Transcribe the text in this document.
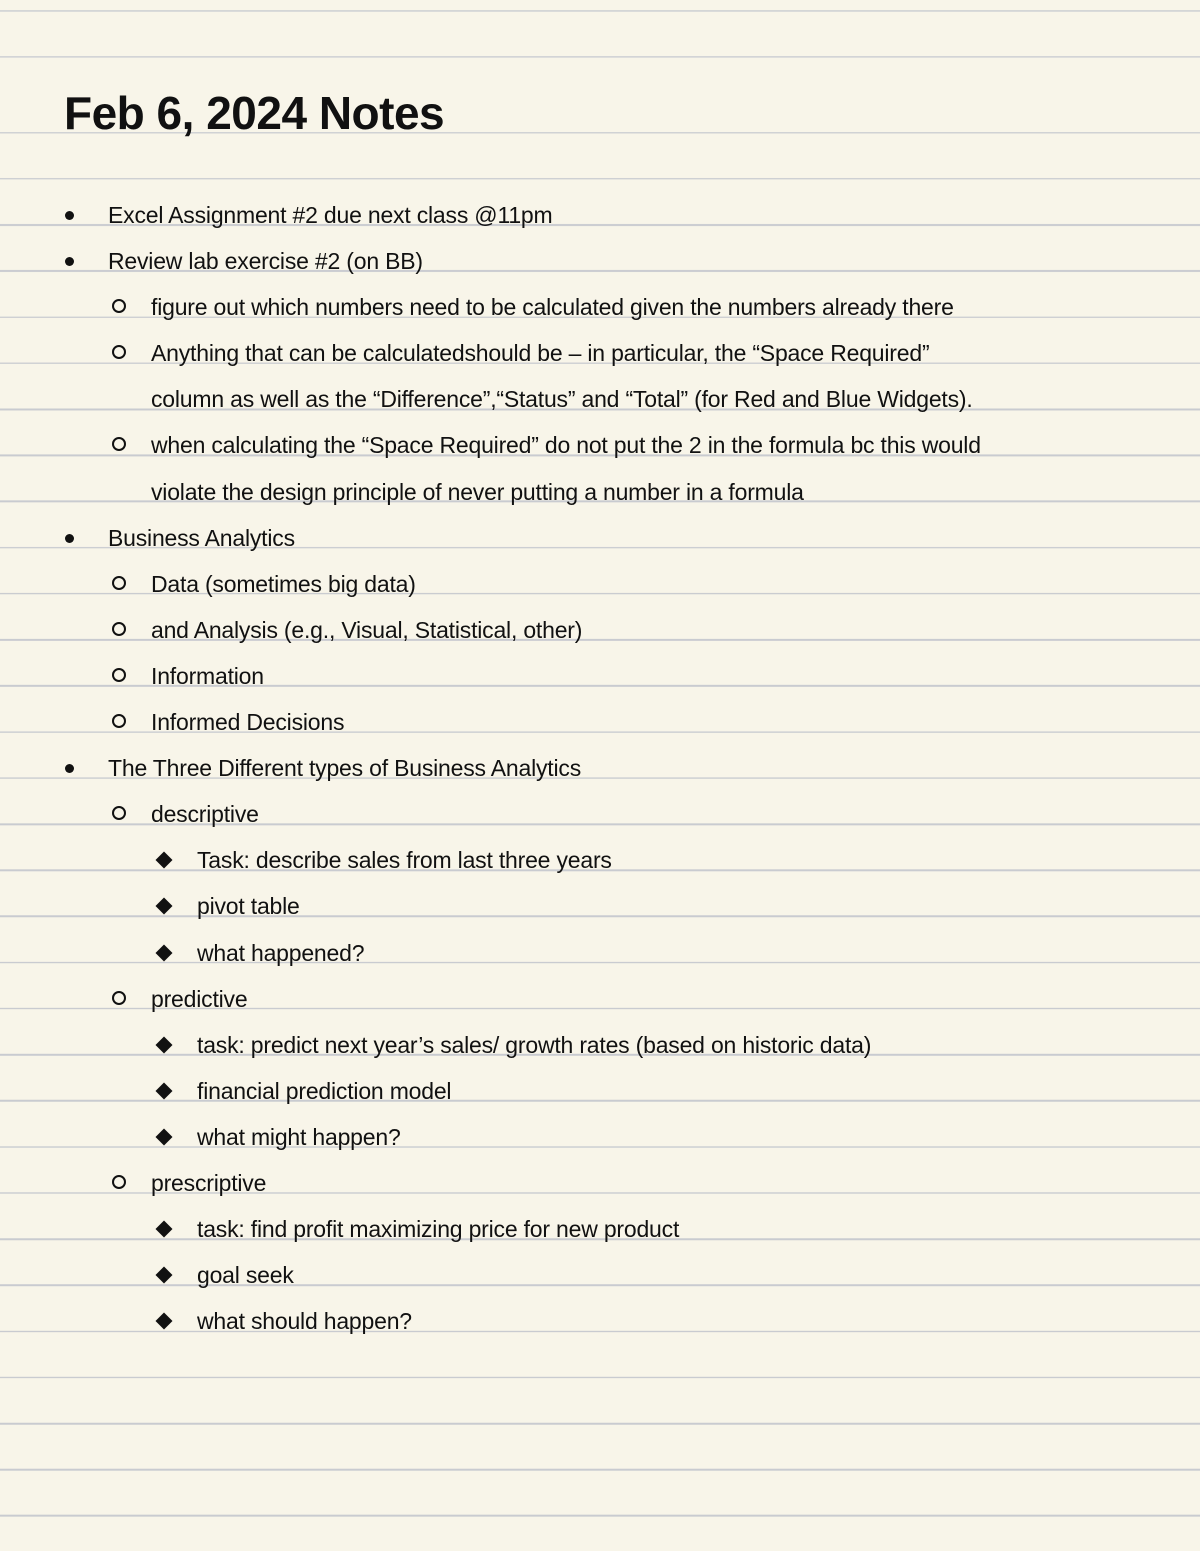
Feb 6, 2024 Notes
Excel Assignment #2 due next class @11pm
Review lab exercise #2 (on BB)
figure out which numbers need to be calculated given the numbers already there
Anything that can be calculatedshould be – in particular, the “Space Required”
column as well as the “Difference”,“Status” and “Total” (for Red and Blue Widgets).
when calculating the “Space Required” do not put the 2 in the formula bc this would
violate the design principle of never putting a number in a formula
Business Analytics
Data (sometimes big data)
and Analysis (e.g., Visual, Statistical, other)
Information
Informed Decisions
The Three Different types of Business Analytics
descriptive
Task: describe sales from last three years
pivot table
what happened?
predictive
task: predict next year’s sales/ growth rates (based on historic data)
financial prediction model
what might happen?
prescriptive
task: find profit maximizing price for new product
goal seek
what should happen?
